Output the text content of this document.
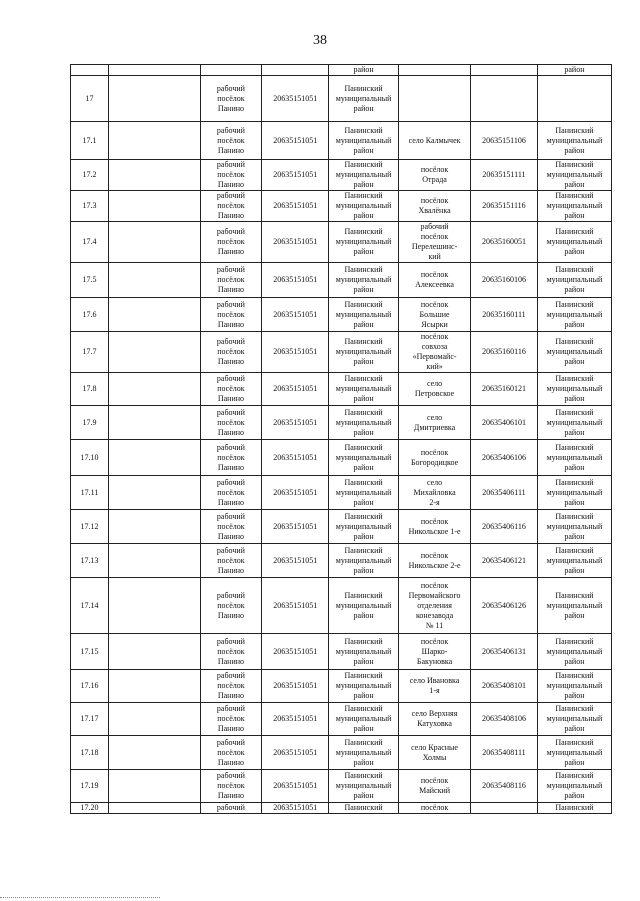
38
				район			район
17		рабочий
посёлок
Панино	20635151051	Панинский
муниципальный
район			
17.1		рабочий
посёлок
Панино	20635151051	Панинский
муниципальный
район	село Калмычек	20635151106	Панинский
муниципальный
район
17.2		рабочий
посёлок
Панино	20635151051	Панинский
муниципальный
район	посёлок
Отрада	20635151111	Панинский
муниципальный
район
17.3		рабочий
посёлок
Панино	20635151051	Панинский
муниципальный
район	посёлок
Хвалёнка	20635151116	Панинский
муниципальный
район
17.4		рабочий
посёлок
Панино	20635151051	Панинский
муниципальный
район	рабочий
посёлок
Перелешинс-
кий	20635160051	Панинский
муниципальный
район
17.5		рабочий
посёлок
Панино	20635151051	Панинский
муниципальный
район	посёлок
Алексеевка	20635160106	Панинский
муниципальный
район
17.6		рабочий
посёлок
Панино	20635151051	Панинский
муниципальный
район	посёлок
Большие
Ясырки	20635160111	Панинский
муниципальный
район
17.7		рабочий
посёлок
Панино	20635151051	Панинский
муниципальный
район	посёлок
совхоза
«Первомайс-
кий»	20635160116	Панинский
муниципальный
район
17.8		рабочий
посёлок
Панино	20635151051	Панинский
муниципальный
район	село
Петровское	20635160121	Панинский
муниципальный
район
17.9		рабочий
посёлок
Панино	20635151051	Панинский
муниципальный
район	село
Дмитриевка	20635406101	Панинский
муниципальный
район
17.10		рабочий
посёлок
Панино	20635151051	Панинский
муниципальный
район	посёлок
Богородицкое	20635406106	Панинский
муниципальный
район
17.11		рабочий
посёлок
Панино	20635151051	Панинский
муниципальный
район	село
Михайловка
2-я	20635406111	Панинский
муниципальный
район
17.12		рабочий
посёлок
Панино	20635151051	Панинский
муниципальный
район	посёлок
Никольское 1-е	20635406116	Панинский
муниципальный
район
17.13		рабочий
посёлок
Панино	20635151051	Панинский
муниципальный
район	посёлок
Никольское 2-е	20635406121	Панинский
муниципальный
район
17.14		рабочий
посёлок
Панино	20635151051	Панинский
муниципальный
район	посёлок
Первомайского
отделения
конезавода
№ 11	20635406126	Панинский
муниципальный
район
17.15		рабочий
посёлок
Панино	20635151051	Панинский
муниципальный
район	посёлок
Шарко-
Бакуновка	20635406131	Панинский
муниципальный
район
17.16		рабочий
посёлок
Панино	20635151051	Панинский
муниципальный
район	село Ивановка
1-я	20635408101	Панинский
муниципальный
район
17.17		рабочий
посёлок
Панино	20635151051	Панинский
муниципальный
район	село Верхняя
Катуховка	20635408106	Панинский
муниципальный
район
17.18		рабочий
посёлок
Панино	20635151051	Панинский
муниципальный
район	село Красные
Холмы	20635408111	Панинский
муниципальный
район
17.19		рабочий
посёлок
Панино	20635151051	Панинский
муниципальный
район	посёлок
Майский	20635408116	Панинский
муниципальный
район
17.20		рабочий	20635151051	Панинский	посёлок		Панинский
